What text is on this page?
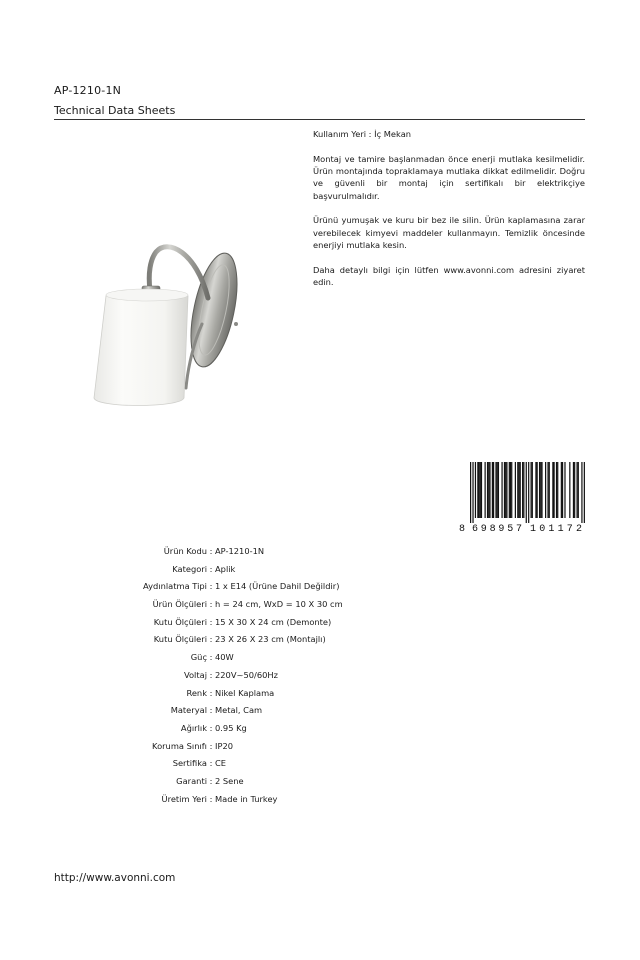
AP-1210-1N
Technical Data Sheets

Kullanım Yeri : İç Mekan

Montaj ve tamire başlanmadan önce enerji mutlaka kesilmelidir. Ürün montajında topraklamaya mutlaka dikkat edilmelidir. Doğru ve güvenli bir montaj için sertifikalı bir elektrikçiye başvurulmalıdır.

Ürünü yumuşak ve kuru bir bez ile silin. Ürün kaplamasına zarar verebilecek kimyevi maddeler kullanmayın. Temizlik öncesinde enerjiyi mutlaka kesin.

Daha detaylı bilgi için lütfen www.avonni.com adresini ziyaret edin.

8 698957 101172
Ürün Kodu : AP-1210-1N
Kategori : Aplik
Aydınlatma Tipi : 1 x E14 (Ürüne Dahil Değildir)
Ürün Ölçüleri : h = 24 cm, WxD = 10 X 30 cm
Kutu Ölçüleri : 15 X 30 X 24 cm (Demonte)
Kutu Ölçüleri : 23 X 26 X 23 cm (Montajlı)
Güç : 40W
Voltaj : 220V~50/60Hz
Renk : Nikel Kaplama
Materyal : Metal, Cam
Ağırlık : 0.95 Kg
Koruma Sınıfı : IP20
Sertifika : CE
Garanti : 2 Sene
Üretim Yeri : Made in Turkey
http://www.avonni.com
